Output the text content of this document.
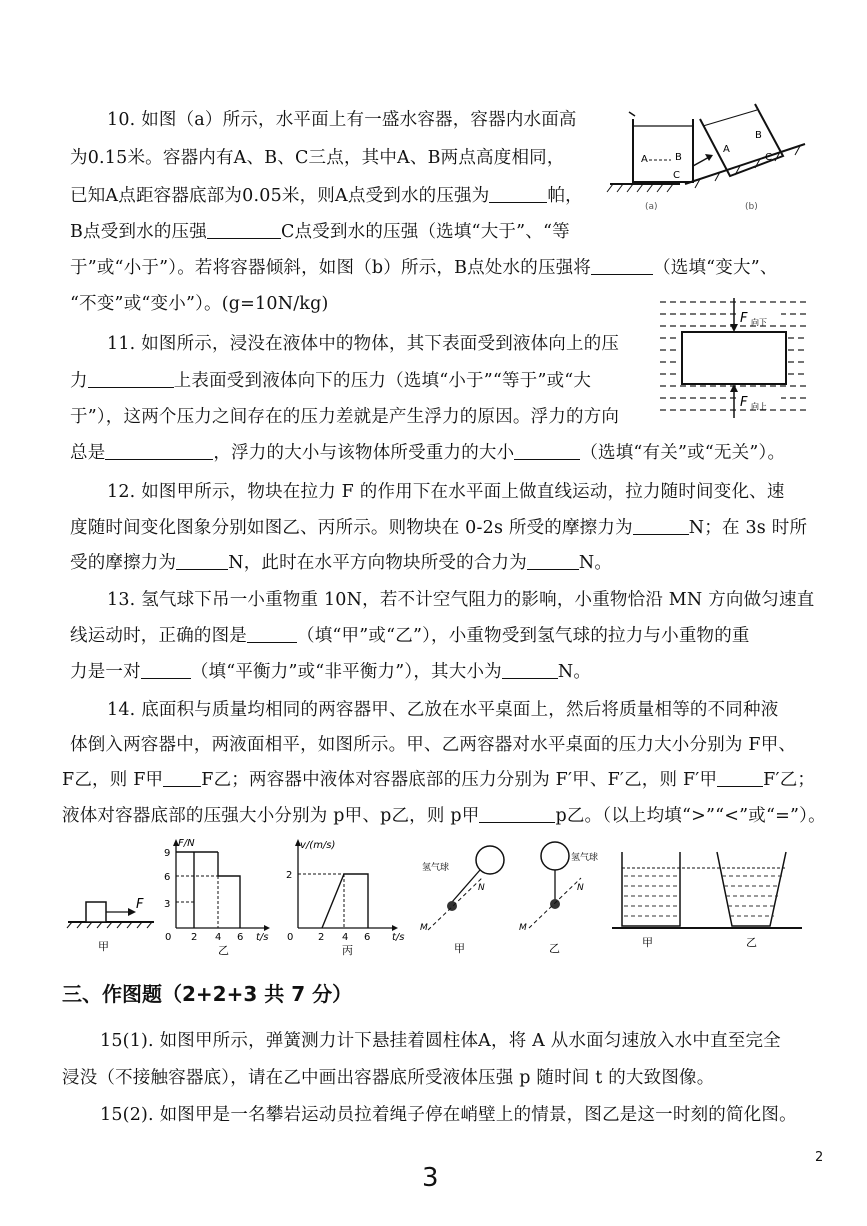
10. 如图（a）所示，水平面上有一盛水容器，容器内水面高
为0.15米。容器内有A、B、C三点，其中A、B两点高度相同，
已知A点距容器底部为0.05米，则A点受到水的压强为	帕，
B点受到水的压强	C点受到水的压强（选填“大于”、“等
于”或“小于”）。若将容器倾斜，如图（b）所示，B点处水的压强将	（选填“变大”、
“不变”或“变小”）。(g=10N/kg)
A	B
C
A
B
C
(a)	(b)
11. 如图所示，浸没在液体中的物体，其下表面受到液体向上的压
力	上表面受到液体向下的压力（选填“小于”“等于”或“大
于”），这两个压力之间存在的压力差就是产生浮力的原因。浮力的方向
总是	，浮力的大小与该物体所受重力的大小	（选填“有关”或“无关”）。
F 向下
F 向上
12. 如图甲所示，物块在拉力 F 的作用下在水平面上做直线运动，拉力随时间变化、速
度随时间变化图象分别如图乙、丙所示。则物块在 0-2s 所受的摩擦力为	N；在 3s 时所
受的摩擦力为	N，此时在水平方向物块所受的合力为	N。
13. 氢气球下吊一小重物重 10N，若不计空气阻力的影响，小重物恰沿 MN 方向做匀速直
线运动时，正确的图是	（填“甲”或“乙”），小重物受到氢气球的拉力与小重物的重
力是一对	（填“平衡力”或“非平衡力”），其大小为	N。
14. 底面积与质量均相同的两容器甲、乙放在水平桌面上，然后将质量相等的不同种液
体倒入两容器中，两液面相平，如图所示。甲、乙两容器对水平桌面的压力大小分别为 F甲、
F乙，则 F甲 F乙；两容器中液体对容器底部的压力分别为 F′甲、F′乙，则 F′甲	F′乙；
液体对容器底部的压强大小分别为 p甲、p乙，则 p甲	p乙。（以上均填“>”“<”或“=”）。
F
甲
F/N
t/s
9
6
3
0 2 4 6
乙
v/(m/s)
t/s
2
0 2 4 6
丙
氢气球
N
M
甲
氢气球
N
M
乙	甲	乙
三、作图题（2+2+3 共 7 分）
15(1). 如图甲所示，弹簧测力计下悬挂着圆柱体A，将 A 从水面匀速放入水中直至完全
浸没（不接触容器底），请在乙中画出容器底所受液体压强 p 随时间 t 的大致图像。
15(2). 如图甲是一名攀岩运动员拉着绳子停在峭壁上的情景，图乙是这一时刻的简化图。
3
2
